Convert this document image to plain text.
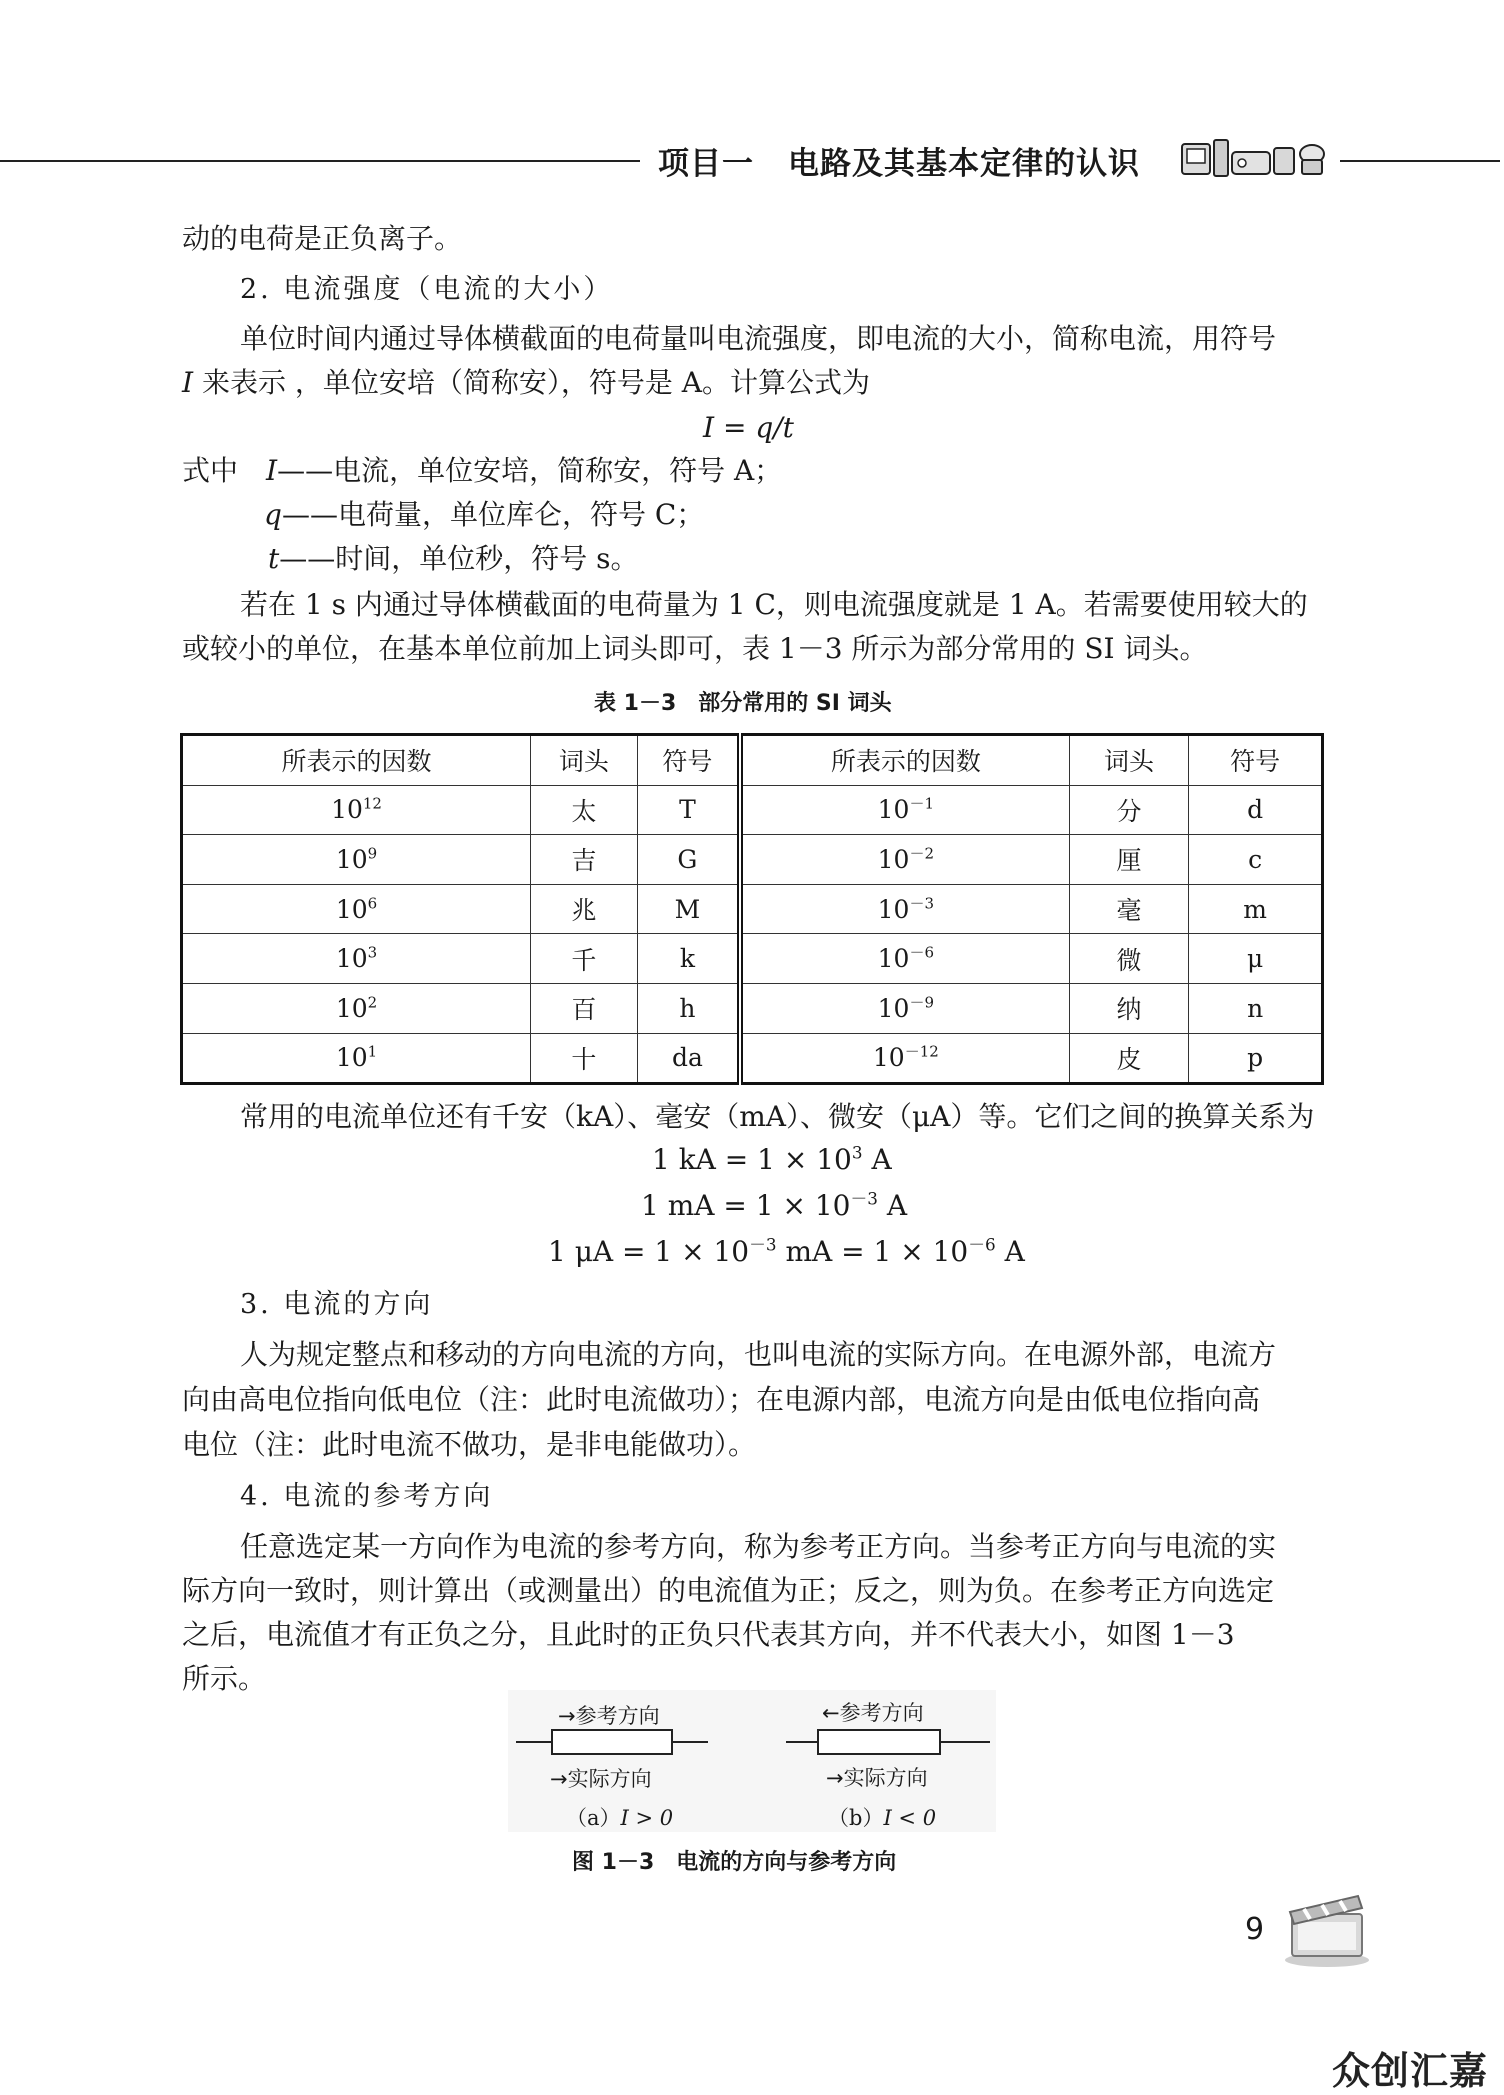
项目一 电路及其基本定律的认识
动的电荷是正负离子。
2. 电流强度（电流的大小）
单位时间内通过导体横截面的电荷量叫电流强度，即电流的大小，简称电流，用符号
I 来表示 ，单位安培（简称安），符号是 A。计算公式为
I = q/t
式中 I——电流，单位安培，简称安，符号 A；
q——电荷量，单位库仑，符号 C；
t——时间，单位秒，符号 s。
若在 1 s 内通过导体横截面的电荷量为 1 C，则电流强度就是 1 A。若需要使用较大的
或较小的单位，在基本单位前加上词头即可，表 1－3 所示为部分常用的 SI 词头。
表 1－3　部分常用的 SI 词头
所表示的因数	词头	符号	所表示的因数	词头	符号
$10^{12}$	太	T	$10^{-1}$	分	d
$10^9$	吉	G	$10^{-2}$	厘	c
$10^6$	兆	M	$10^{-3}$	毫	m
$10^3$	千	k	$10^{-6}$	微	μ
$10^2$	百	h	$10^{-9}$	纳	n
$10^1$	十	da	$10^{-12}$	皮	p
常用的电流单位还有千安（kA）、毫安（mA）、微安（μA）等。它们之间的换算关系为
1 kA = $1 \times 10^3$ A
1 mA = $1 \times 10^{-3}$ A
1 $\mu A = 1 \times 10^{-3}$ mA = $1 \times 10^{-6}$ A
3. 电流的方向
人为规定整点和移动的方向电流的方向，也叫电流的实际方向。在电源外部，电流方
向由高电位指向低电位（注：此时电流做功）；在电源内部，电流方向是由低电位指向高
电位（注：此时电流不做功，是非电能做功）。
4. 电流的参考方向
任意选定某一方向作为电流的参考方向，称为参考正方向。当参考正方向与电流的实
际方向一致时，则计算出（或测量出）的电流值为正；反之，则为负。在参考正方向选定
之后，电流值才有正负之分，且此时的正负只代表其方向，并不代表大小，如图 1－3
所示。
→参考方向
→实际方向
（a）I > 0
←参考方向
→实际方向
（b）I < 0
图 1－3　电流的方向与参考方向
9
众创汇嘉
